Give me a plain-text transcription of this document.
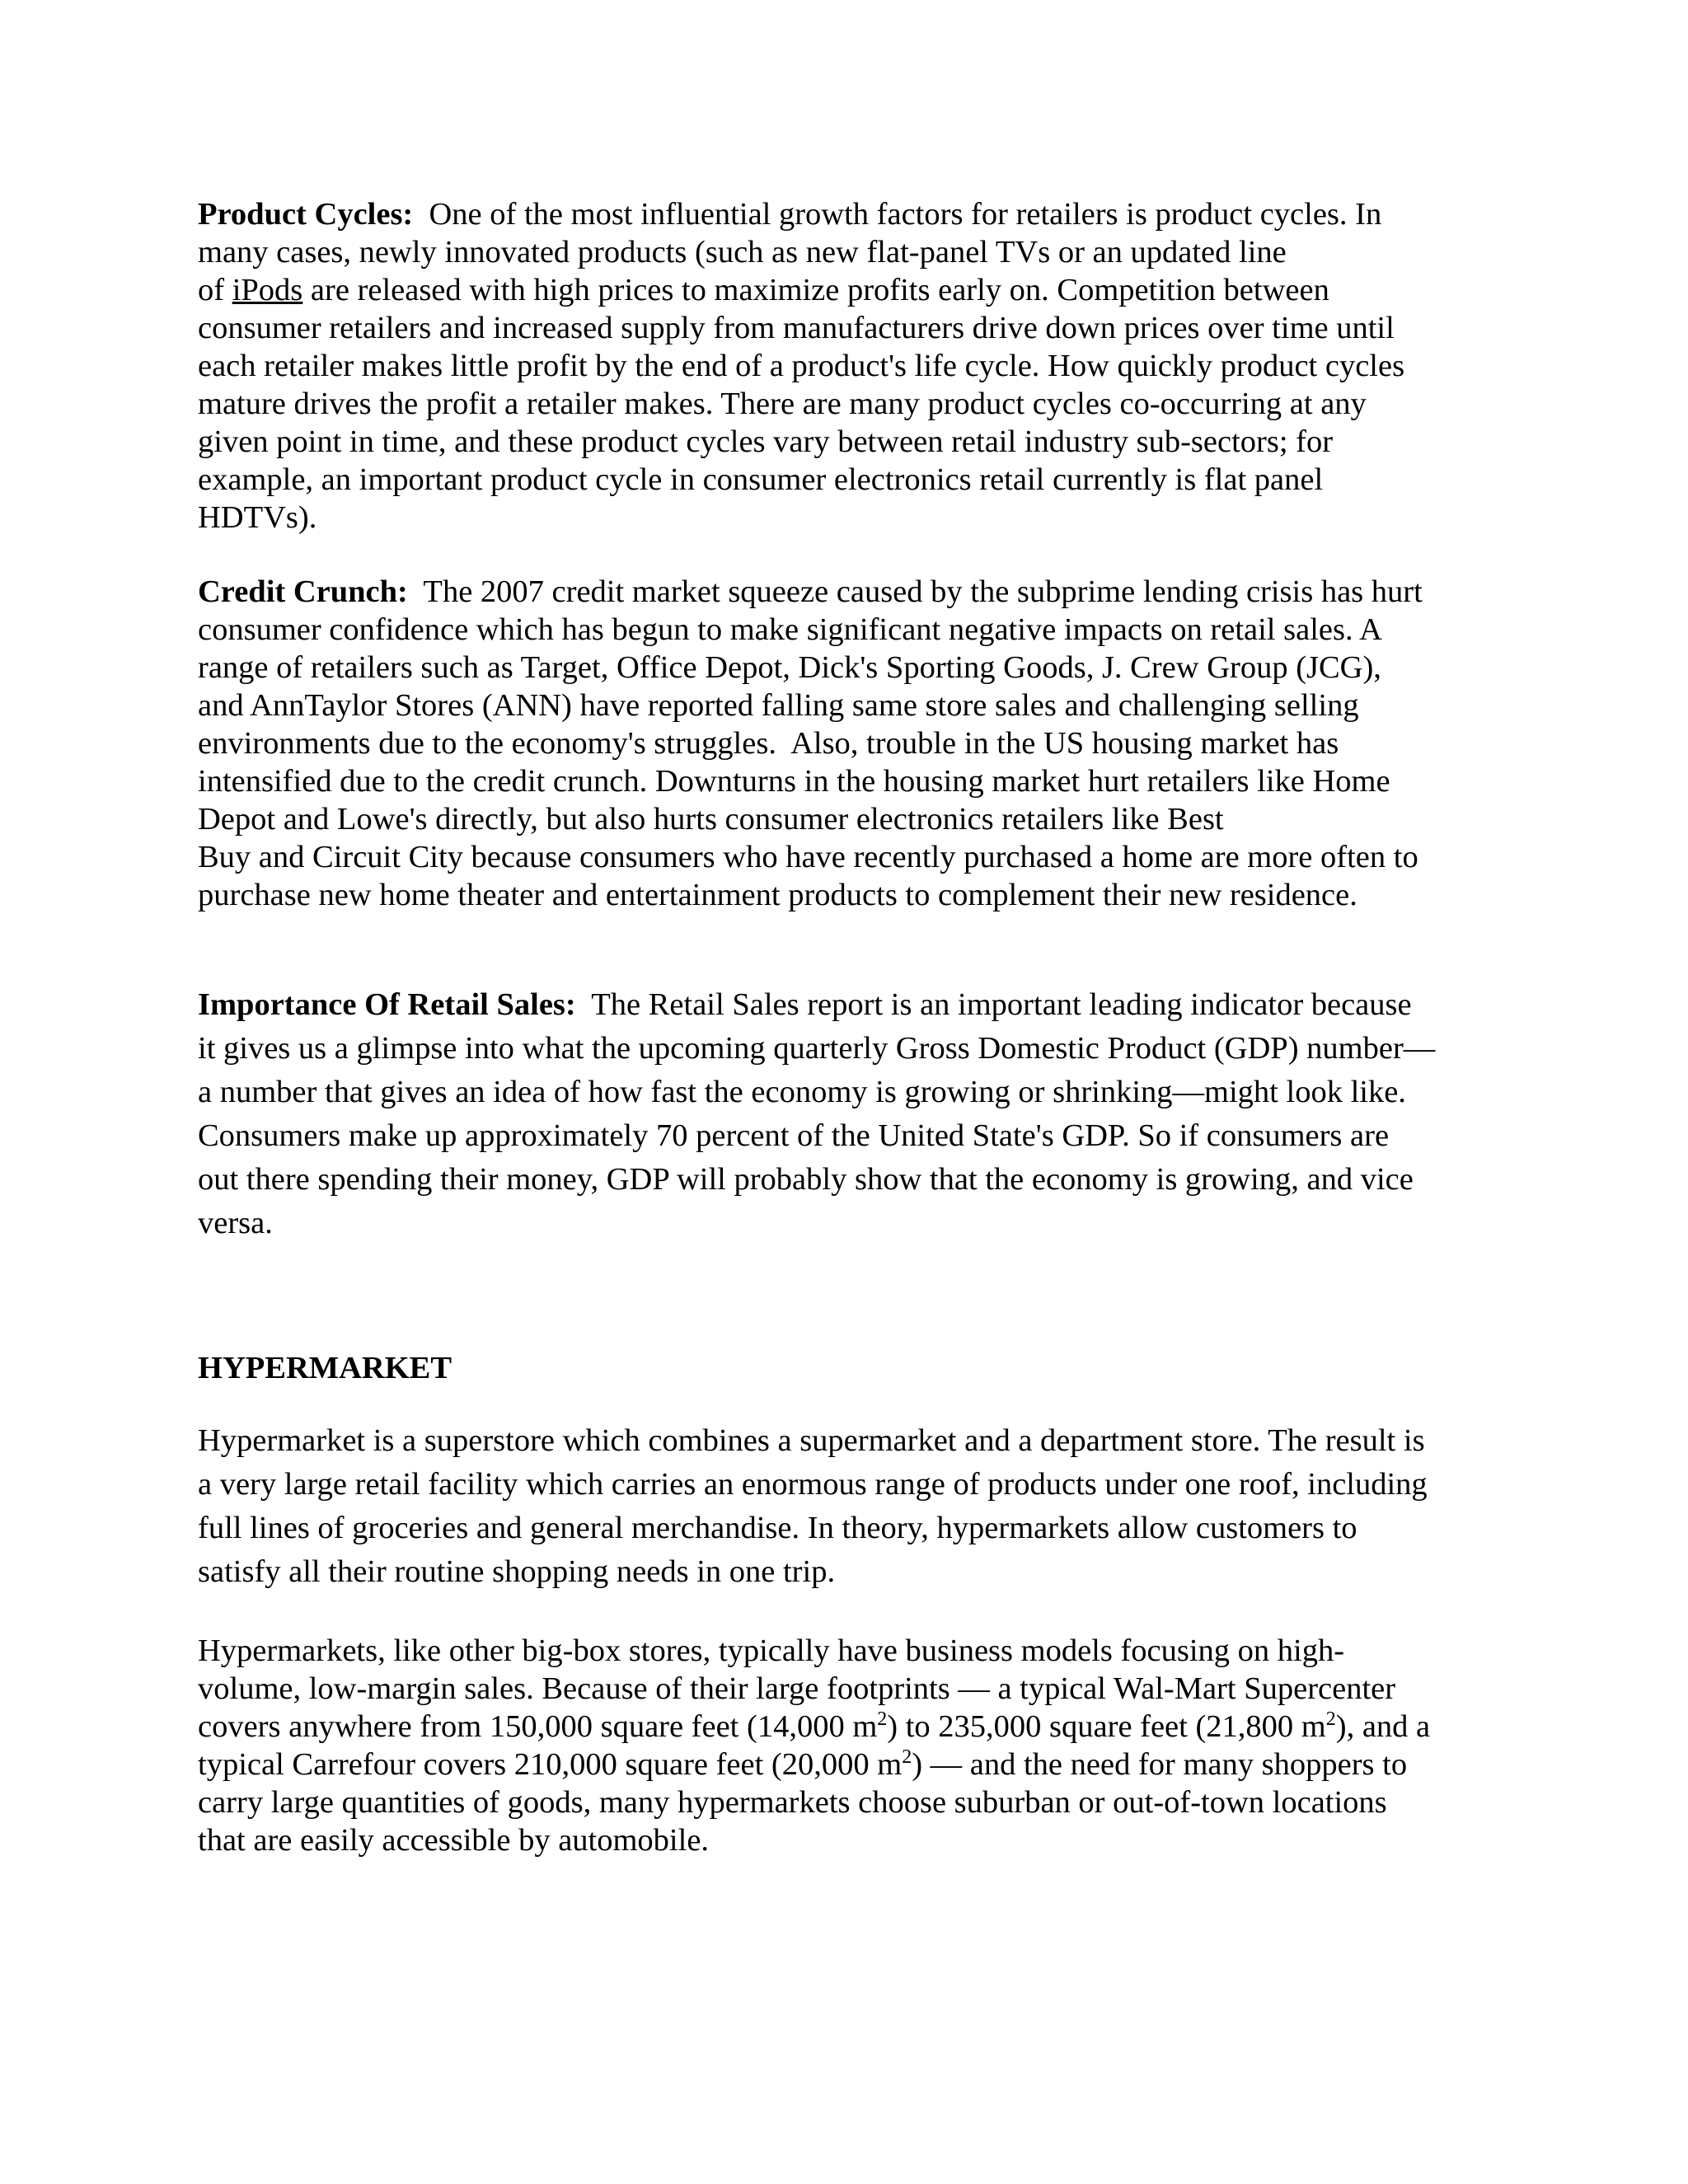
Product Cycles:  One of the most influential growth factors for retailers is product cycles. In
many cases, newly innovated products (such as new flat-panel TVs or an updated line
of iPods are released with high prices to maximize profits early on. Competition between
consumer retailers and increased supply from manufacturers drive down prices over time until
each retailer makes little profit by the end of a product's life cycle. How quickly product cycles
mature drives the profit a retailer makes. There are many product cycles co-occurring at any
given point in time, and these product cycles vary between retail industry sub-sectors; for
example, an important product cycle in consumer electronics retail currently is flat panel
HDTVs).

Credit Crunch:  The 2007 credit market squeeze caused by the subprime lending crisis has hurt
consumer confidence which has begun to make significant negative impacts on retail sales. A
range of retailers such as Target, Office Depot, Dick's Sporting Goods, J. Crew Group (JCG),
and AnnTaylor Stores (ANN) have reported falling same store sales and challenging selling
environments due to the economy's struggles.  Also, trouble in the US housing market has
intensified due to the credit crunch. Downturns in the housing market hurt retailers like Home
Depot and Lowe's directly, but also hurts consumer electronics retailers like Best
Buy and Circuit City because consumers who have recently purchased a home are more often to
purchase new home theater and entertainment products to complement their new residence.

Importance Of Retail Sales:  The Retail Sales report is an important leading indicator because
it gives us a glimpse into what the upcoming quarterly Gross Domestic Product (GDP) number—
a number that gives an idea of how fast the economy is growing or shrinking—might look like.
Consumers make up approximately 70 percent of the United State's GDP. So if consumers are
out there spending their money, GDP will probably show that the economy is growing, and vice
versa.

HYPERMARKET

Hypermarket is a superstore which combines a supermarket and a department store. The result is
a very large retail facility which carries an enormous range of products under one roof, including
full lines of groceries and general merchandise. In theory, hypermarkets allow customers to
satisfy all their routine shopping needs in one trip.

Hypermarkets, like other big-box stores, typically have business models focusing on high-
volume, low-margin sales. Because of their large footprints — a typical Wal-Mart Supercenter
covers anywhere from 150,000 square feet (14,000 $m^2$) to 235,000 square feet (21,800 $m^2$), and a
typical Carrefour covers 210,000 square feet (20,000 $m^2$) — and the need for many shoppers to
carry large quantities of goods, many hypermarkets choose suburban or out-of-town locations
that are easily accessible by automobile.
